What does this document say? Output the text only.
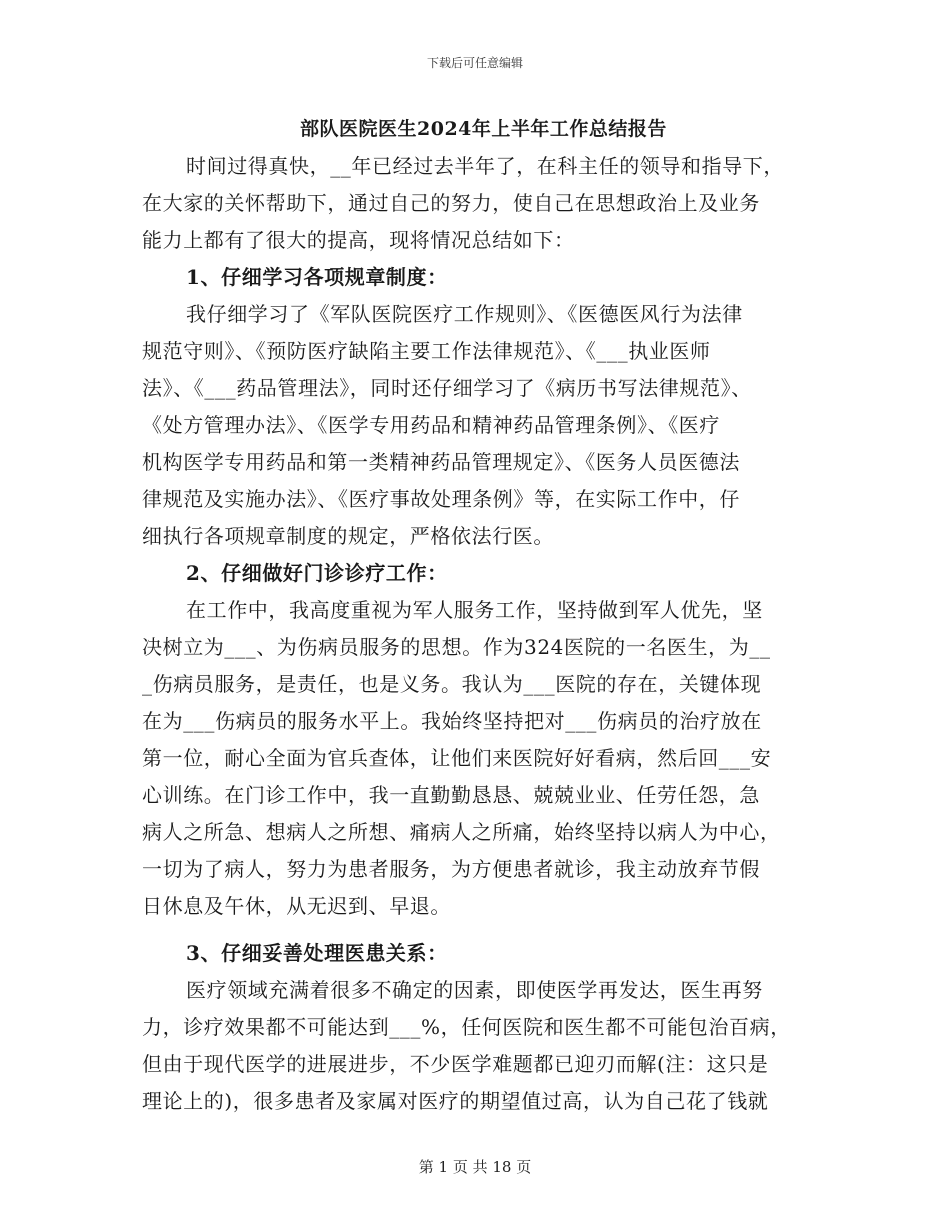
下载后可任意编辑
部队医院医生2024年上半年工作总结报告
时间过得真快，__年已经过去半年了，在科主任的领导和指导下，
在大家的关怀帮助下，通过自己的努力，使自己在思想政治上及业务
能力上都有了很大的提高，现将情况总结如下：
1、仔细学习各项规章制度：
我仔细学习了《军队医院医疗工作规则》、《医德医风行为法律
规范守则》、《预防医疗缺陷主要工作法律规范》、《___执业医师
法》、《___药品管理法》，同时还仔细学习了《病历书写法律规范》、
《处方管理办法》、《医学专用药品和精神药品管理条例》、《医疗
机构医学专用药品和第一类精神药品管理规定》、《医务人员医德法
律规范及实施办法》、《医疗事故处理条例》等，在实际工作中，仔
细执行各项规章制度的规定，严格依法行医。
2、仔细做好门诊诊疗工作：
在工作中，我高度重视为军人服务工作，坚持做到军人优先，坚
决树立为___、为伤病员服务的思想。作为324医院的一名医生，为__
_伤病员服务，是责任，也是义务。我认为___医院的存在，关键体现
在为___伤病员的服务水平上。我始终坚持把对___伤病员的治疗放在
第一位，耐心全面为官兵查体，让他们来医院好好看病，然后回___安
心训练。在门诊工作中，我一直勤勤恳恳、兢兢业业、任劳任怨，急
病人之所急、想病人之所想、痛病人之所痛，始终坚持以病人为中心，
一切为了病人，努力为患者服务，为方便患者就诊，我主动放弃节假
日休息及午休，从无迟到、早退。
3、仔细妥善处理医患关系：
医疗领域充满着很多不确定的因素，即使医学再发达，医生再努
力，诊疗效果都不可能达到___%，任何医院和医生都不可能包治百病，
但由于现代医学的进展进步，不少医学难题都已迎刃而解(注：这只是
理论上的)，很多患者及家属对医疗的期望值过高，认为自己花了钱就
第 1 页 共 18 页
